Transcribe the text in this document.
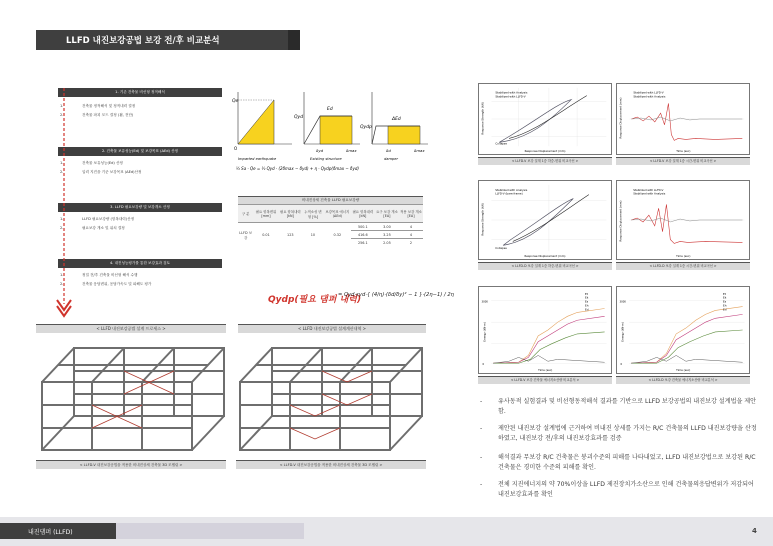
LLFD 내진보강공법 보강 전/후 비교분석
1. 기존 건축물 비선형 정적해석
1.	건축물 정적해석 및 정적내력 결정
2.	건축물 파괴 모드 결정 (휨, 전단)
2. 건축물 보유성능(Ed) 및 보강목표 (ΔEd) 산정
1.	건축물 보유성능(Ed) 산정
2.	입력 지진을 기준 보강목표 (ΔEd)산정
3. LLFD 필요보강량 및 보강개소 산정
1.	LLFD 필요보강량 (항복내력)산정
2.	필요보강 개소 및 위치 결정
4. 내진성능평가를 통한 보강효과 검토
1.	정밀 전/후 건축물 비선형 해석 수행
2.	건축물 응답변위, 응답가속도 및 피해도 평가
< LLFD 내진보강공법 설계 프로세스 >
Qe
O
Qyd
Ed
δyd	δmax
Qydp
ΔEd
δd	δmax
Imparted earthquake	Existing structure	damper
½ Sa · Qe = ½ Qyd · (2δmax − δyd) + η · Qydp(δmax − δyd)
비내진상세 건축물 LLFD 필요보강량							
구 분	필요 항복변위 [mm]	필요 항복내력 [kN]	누적소성 변형 [%]	보강목표 에너지(ΔEd)	필요 항복내력 [kN]	요구 보강 개소 [EA]	적용 보강 개소 [EA]
LLFD 보강	0.01	123	10	0.32	500.1	3.00	4
					416.6	3.25	4
					256.1	2.05	2
Qydp(필요 댐퍼 내력)
= Qyd·εyd·{ (4/η)·(δd/δy)² − 1 }·(2η−1) / 2η
< LLFD 내진보강공법 설계계산내역 >
< LLFD-V 내진보강공법을 적용한 비내진상세 건축물 3D 모델링 >	< LLFD-V 내진보강공법을 적용한 비내진상세 건축물 3D 모델링 >
Stabilized with Analysis
Stabilized with LLFD-V
Collapse
Response Displacement (mm)
Response Strength (kN)
< LLFD-V 보강 설계 1층 하중-변위 비교곡선 >
Stabilized with LLFD-V
Stabilized with Analysis
Time (sec)
Response Displacement (mm)
< LLFD-V 보강 설계 1층 시간-변위 비교곡선 >
Stabilized with Analysis
LLFD-V (bare frame)
Collapse
Response Displacement (mm)
Response Strength (kN)
< LLFD-D 보강 설계 1층 하중-변위 비교곡선 >
Stabilized with LLFD-V
Stabilized with Analysis
Time (sec)
Response Displacement (mm)
< LLFD-D 보강 설계 1층 시간-변위 비교곡선 >
Et
Ek
Es
Eh
Ed
0
3000
Time (sec)
Energy (kN·m)
< LLFD-V 보강 건축물 에너지소산량 비교분석 >
Et
Ek
Es
Eh
Ed
0
3000
Time (sec)
Energy (kN·m)
< LLFD-D 보강 건축물 에너지소산량 비교분석 >
-	유사동적 실험결과 및 비선형동적해석 결과를 기반으로 LLFD 보강공법의 내진보강 설계법을 제안함.
-	제안된 내진보강 설계법에 근거하여 비내진 상세를 가지는 R/C 건축물의 LLFD 내진보강량을 산정하였고, 내진보강 전/후의 내진보강효과를 검증
-	해석결과 무보강 R/C 건축물은 붕괴수준의 피해를 나타내었고, LLFD 내진보강법으로 보강된 R/C 건축물은 경미한 수준의 피해를 확인.
-	전체 지진에너지의 약 70%이상을 LLFD 제진장치가소산으로 인해 건축물의응답변위가 저감되어 내진보강효과를 확인
내진댐퍼 (LLFD)	4
